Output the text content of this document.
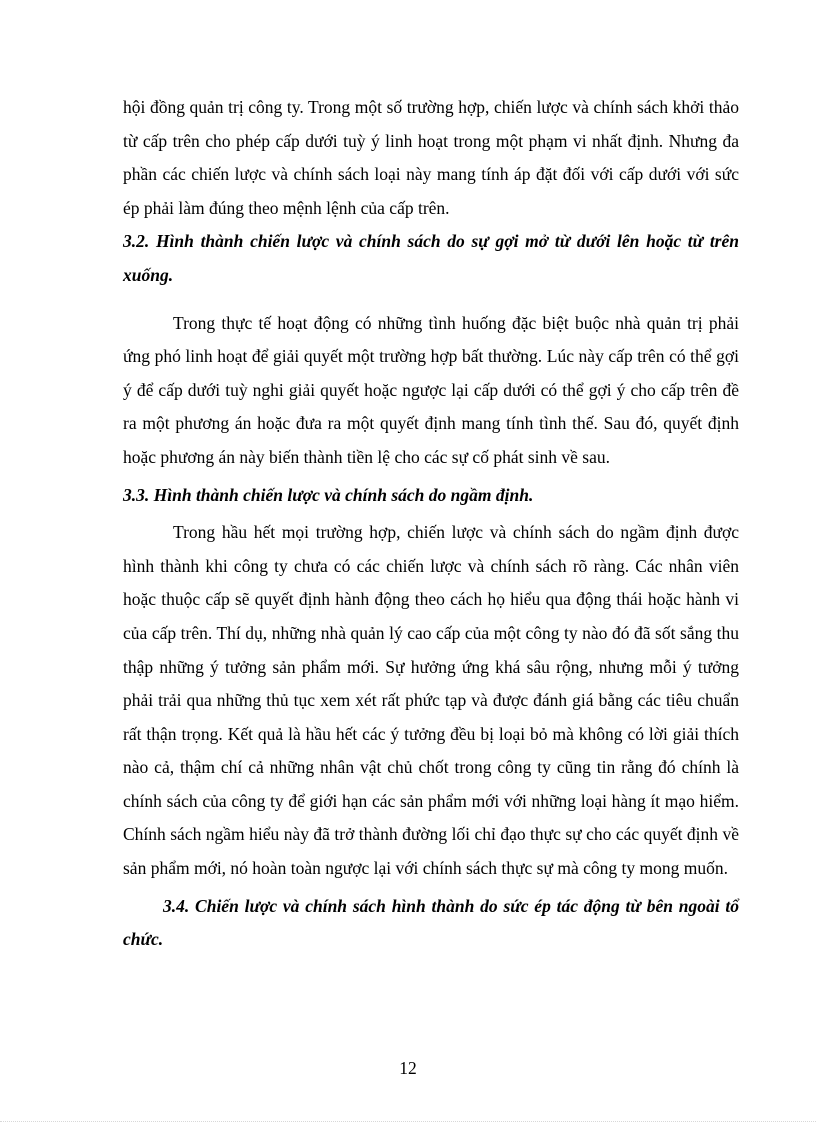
hội đồng quản trị công ty. Trong một số trường hợp, chiến lược và chính sách khởi thảo từ cấp trên cho phép cấp dưới tuỳ ý linh hoạt trong một phạm vi nhất định. Nhưng đa phần các chiến lược và chính sách loại này mang tính áp đặt đối với cấp dưới với sức ép phải làm đúng theo mệnh lệnh của cấp trên.

3.2. Hình thành chiến lược và chính sách do sự gợi mở từ dưới lên hoặc từ trên xuống.

Trong thực tế hoạt động có những tình huống đặc biệt buộc nhà quản trị phải ứng phó linh hoạt để giải quyết một trường hợp bất thường. Lúc này cấp trên có thể gợi ý để cấp dưới tuỳ nghi giải quyết hoặc ngược lại cấp dưới có thể gợi ý cho cấp trên đề ra một phương án hoặc đưa ra một quyết định mang tính tình thế. Sau đó, quyết định hoặc phương án này biến thành tiền lệ cho các sự cố phát sinh về sau.

3.3. Hình thành chiến lược và chính sách do ngầm định.

Trong hầu hết mọi trường hợp, chiến lược và chính sách do ngầm định được hình thành khi công ty chưa có các chiến lược và chính sách rõ ràng. Các nhân viên hoặc thuộc cấp sẽ quyết định hành động theo cách họ hiểu qua động thái hoặc hành vi của cấp trên. Thí dụ, những nhà quản lý cao cấp của một công ty nào đó đã sốt sắng thu thập những ý tưởng sản phẩm mới. Sự hưởng ứng khá sâu rộng, nhưng mỗi ý tưởng phải trải qua những thủ tục xem xét rất phức tạp và được đánh giá bằng các tiêu chuẩn rất thận trọng. Kết quả là hầu hết các ý tưởng đều bị loại bỏ mà không có lời giải thích nào cả, thậm chí cả những nhân vật chủ chốt trong công ty cũng tin rằng đó chính là chính sách của công ty để giới hạn các sản phẩm mới với những loại hàng ít mạo hiểm. Chính sách ngầm hiểu này đã trở thành đường lối chỉ đạo thực sự cho các quyết định về sản phẩm mới, nó hoàn toàn ngược lại với chính sách thực sự mà công ty mong muốn.

3.4. Chiến lược và chính sách hình thành do sức ép tác động từ bên ngoài tổ chức.

12
